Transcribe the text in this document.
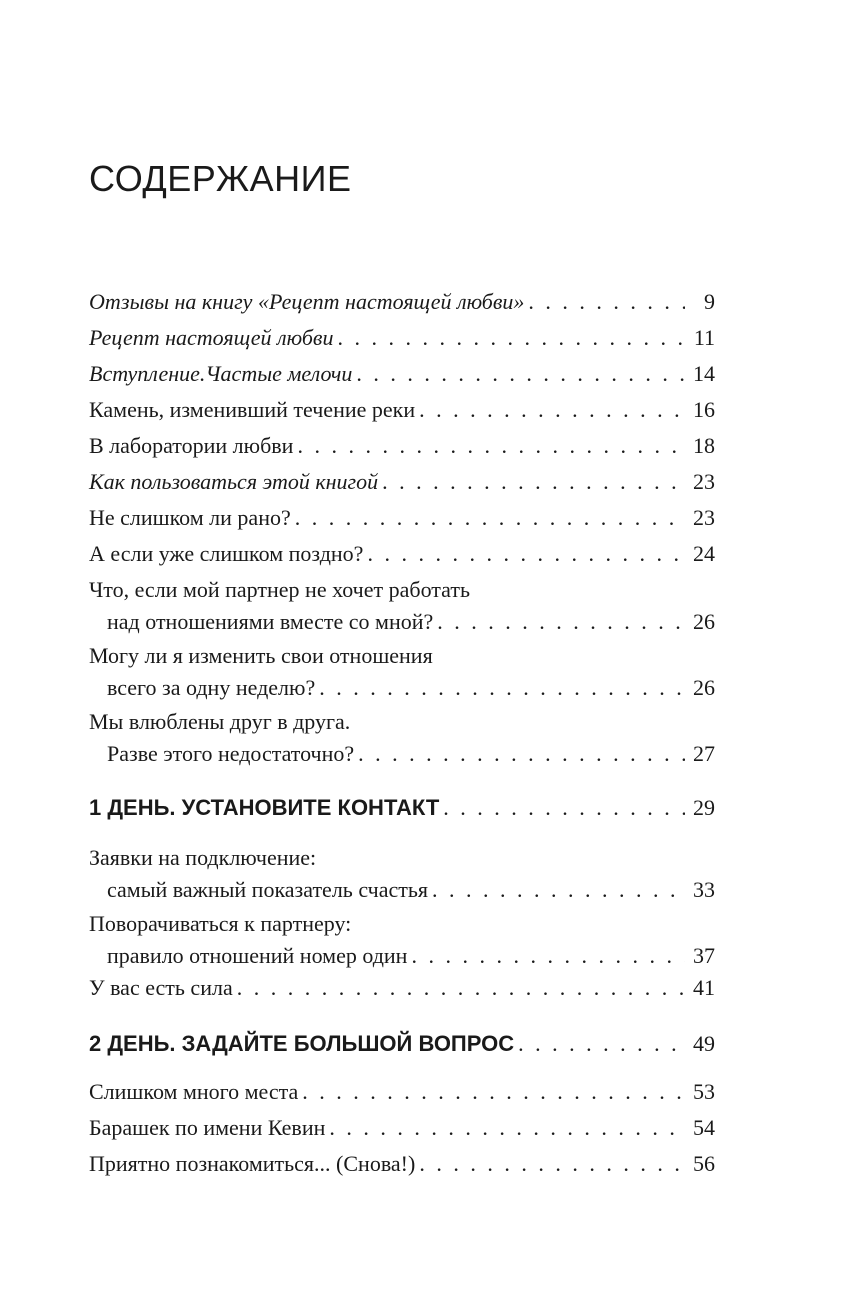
СОДЕРЖАНИЕ
Отзывы на книгу «Рецепт настоящей любви» . . .	9
Рецепт настоящей любви . . .	11
Вступление.Частые мелочи . . .	14
Камень, изменивший течение реки . . .	16
В лаборатории любви . . .	18
Как пользоваться этой книгой . . .	23
Не слишком ли рано? . . .	23
А если уже слишком поздно? . . .	24
Что, если мой партнер не хочет работать
над отношениями вместе со мной? . . .	26
Могу ли я изменить свои отношения
всего за одну неделю? . . .	26
Мы влюблены друг в друга.
Разве этого недостаточно? . . .	27
1 ДЕНЬ. УСТАНОВИТЕ КОНТАКТ . . .	29
Заявки на подключение:
самый важный показатель счастья . . .	33
Поворачиваться к партнеру:
правило отношений номер один . . .	37
У вас есть сила . . .	41
2 ДЕНЬ. ЗАДАЙТЕ БОЛЬШОЙ ВОПРОС . . .	49
Слишком много места . . .	53
Барашек по имени Кевин . . .	54
Приятно познакомиться... (Снова!) . . .	56
